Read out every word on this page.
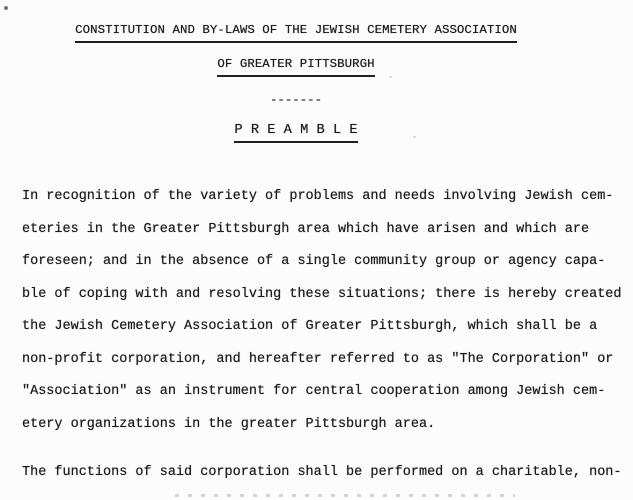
CONSTITUTION AND BY-LAWS OF THE JEWISH CEMETERY ASSOCIATION
OF GREATER PITTSBURGH
-------
P R E A M B L E
In recognition of the variety of problems and needs involving Jewish cem-
eteries in the Greater Pittsburgh area which have arisen and which are
foreseen; and in the absence of a single community group or agency capa-
ble of coping with and resolving these situations; there is hereby created
the Jewish Cemetery Association of Greater Pittsburgh, which shall be a
non-profit corporation, and hereafter referred to as "The Corporation" or
"Association" as an instrument for central cooperation among Jewish cem-
etery organizations in the greater Pittsburgh area.
The functions of said corporation shall be performed on a charitable, non-
